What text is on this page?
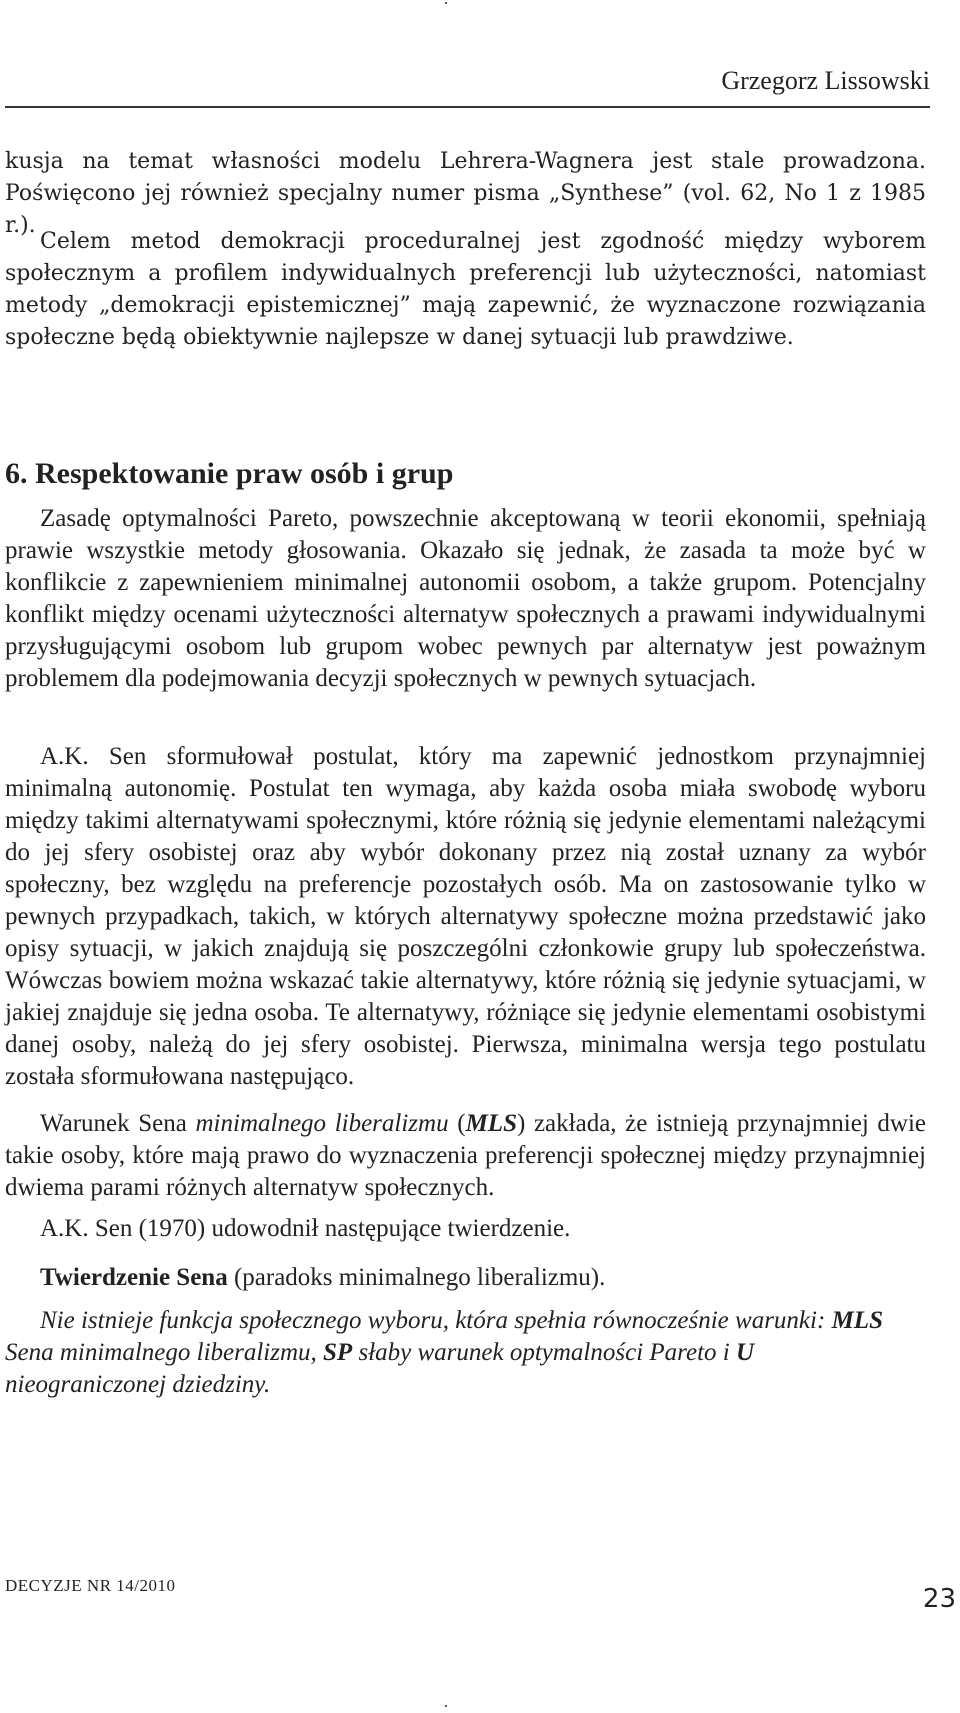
Grzegorz Lissowski

kusja na temat własności modelu Lehrera-Wagnera jest stale prowadzona. Poświęcono jej również specjalny numer pisma „Synthese” (vol. 62, No 1 z 1985 r.).

Celem metod demokracji proceduralnej jest zgodność między wyborem społecznym a profilem indywidualnych preferencji lub użyteczności, natomiast metody „demokracji epistemicznej” mają zapewnić, że wyznaczone rozwiązania społeczne będą obiektywnie najlepsze w danej sytuacji lub prawdziwe.

6. Respektowanie praw osób i grup

Zasadę optymalności Pareto, powszechnie akceptowaną w teorii ekonomii, spełniają prawie wszystkie metody głosowania. Okazało się jednak, że zasada ta może być w konflikcie z zapewnieniem minimalnej autonomii osobom, a także grupom. Potencjalny konflikt między ocenami użyteczności alternatyw społecznych a prawami indywidualnymi przysługującymi osobom lub grupom wobec pewnych par alternatyw jest poważnym problemem dla podejmowania decyzji społecznych w pewnych sytuacjach.

A.K. Sen sformułował postulat, który ma zapewnić jednostkom przynajmniej minimalną autonomię. Postulat ten wymaga, aby każda osoba miała swobodę wyboru między takimi alternatywami społecznymi, które różnią się jedynie elementami należącymi do jej sfery osobistej oraz aby wybór dokonany przez nią został uznany za wybór społeczny, bez względu na preferencje pozostałych osób. Ma on zastosowanie tylko w pewnych przypadkach, takich, w których alternatywy społeczne można przedstawić jako opisy sytuacji, w jakich znajdują się poszczególni członkowie grupy lub społeczeństwa. Wówczas bowiem można wskazać takie alternatywy, które różnią się jedynie sytuacjami, w jakiej znajduje się jedna osoba. Te alternatywy, różniące się jedynie elementami osobistymi danej osoby, należą do jej sfery osobistej. Pierwsza, minimalna wersja tego postulatu została sformułowana następująco.

Warunek Sena minimalnego liberalizmu (MLS) zakłada, że istnieją przynajmniej dwie takie osoby, które mają prawo do wyznaczenia preferencji społecznej między przynajmniej dwiema parami różnych alternatyw społecznych.

A.K. Sen (1970) udowodnił następujące twierdzenie.

Twierdzenie Sena (paradoks minimalnego liberalizmu).

Nie istnieje funkcja społecznego wyboru, która spełnia równocześnie warunki: MLS Sena minimalnego liberalizmu, SP słaby warunek optymalności Pareto i U nieograniczonej dziedziny.

DECYZJE NR 14/2010	23
